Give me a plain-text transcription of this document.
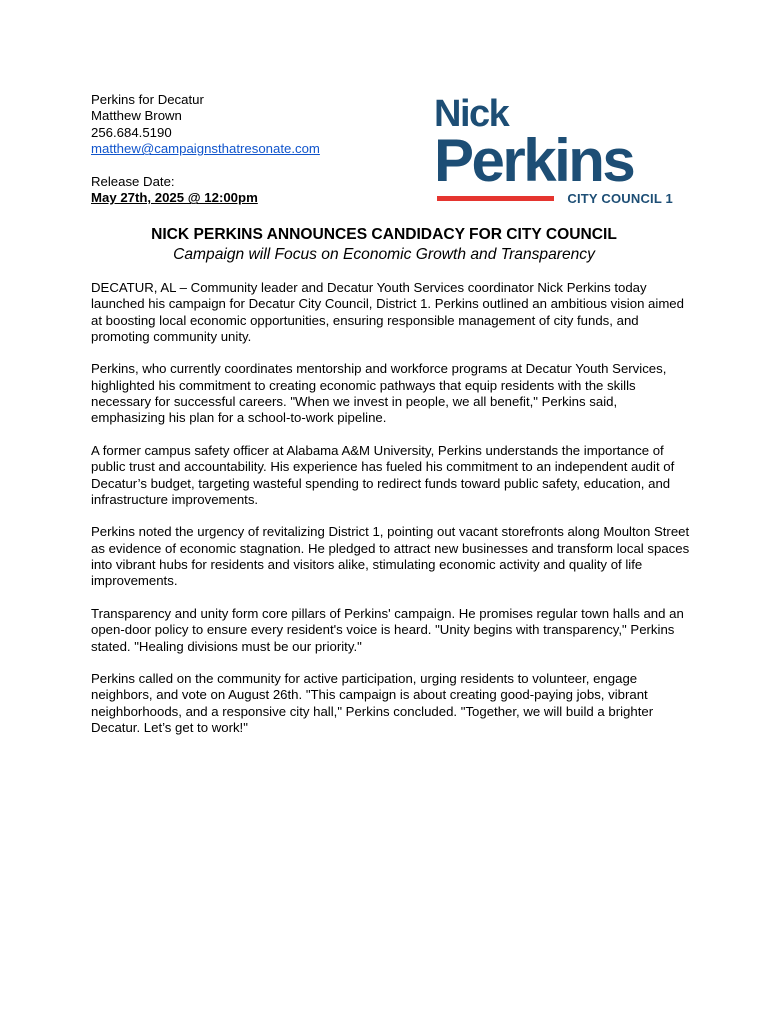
Perkins for Decatur
Matthew Brown
256.684.5190
matthew@campaignsthatresonate.com
Release Date:
May 27th, 2025 @ 12:00pm
Nick
Perkins
CITY COUNCIL 1
NICK PERKINS ANNOUNCES CANDIDACY FOR CITY COUNCIL
Campaign will Focus on Economic Growth and Transparency

DECATUR, AL – Community leader and Decatur Youth Services coordinator Nick Perkins today launched his campaign for Decatur City Council, District 1. Perkins outlined an ambitious vision aimed at boosting local economic opportunities, ensuring responsible management of city funds, and promoting community unity.

Perkins, who currently coordinates mentorship and workforce programs at Decatur Youth Services, highlighted his commitment to creating economic pathways that equip residents with the skills necessary for successful careers. "When we invest in people, we all benefit," Perkins said, emphasizing his plan for a school-to-work pipeline.

A former campus safety officer at Alabama A&M University, Perkins understands the importance of public trust and accountability. His experience has fueled his commitment to an independent audit of Decatur’s budget, targeting wasteful spending to redirect funds toward public safety, education, and infrastructure improvements.

Perkins noted the urgency of revitalizing District 1, pointing out vacant storefronts along Moulton Street as evidence of economic stagnation. He pledged to attract new businesses and transform local spaces into vibrant hubs for residents and visitors alike, stimulating economic activity and quality of life improvements.

Transparency and unity form core pillars of Perkins' campaign. He promises regular town halls and an open-door policy to ensure every resident's voice is heard. "Unity begins with transparency," Perkins stated. "Healing divisions must be our priority."

Perkins called on the community for active participation, urging residents to volunteer, engage neighbors, and vote on August 26th. "This campaign is about creating good-paying jobs, vibrant neighborhoods, and a responsive city hall," Perkins concluded. "Together, we will build a brighter Decatur. Let’s get to work!"
